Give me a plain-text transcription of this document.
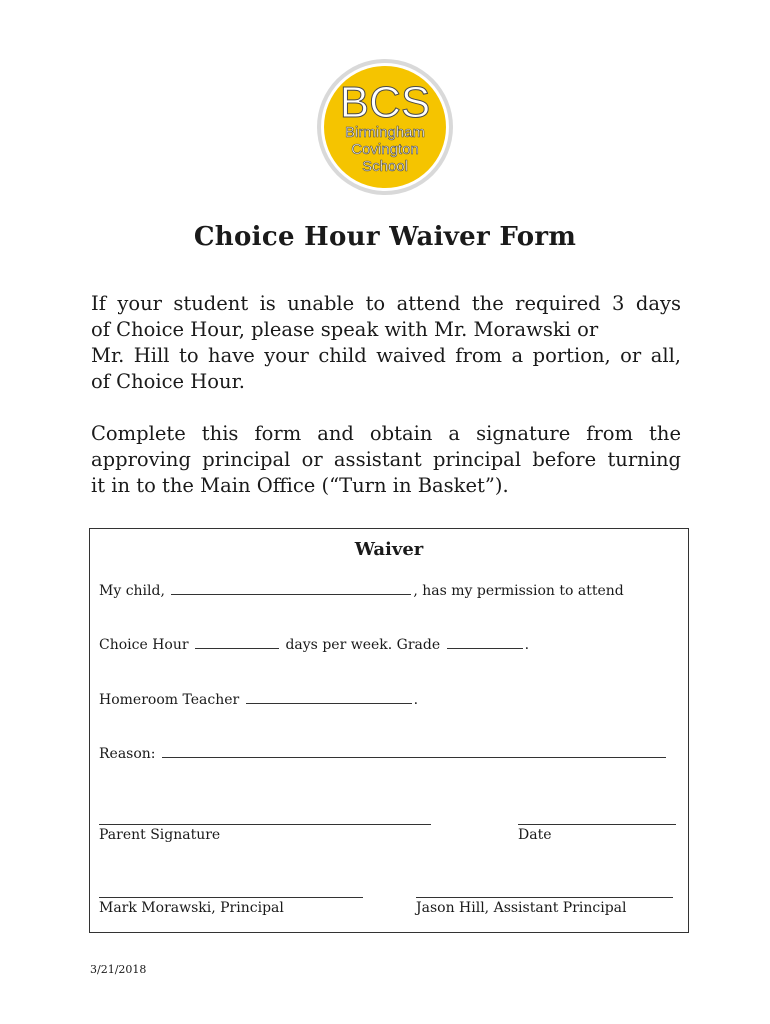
BCS
Birmingham
Covington
School
Choice Hour Waiver Form
If your student is unable to attend the required 3 days
of Choice Hour, please speak with Mr. Morawski or
Mr. Hill to have your child waived from a portion, or all,
of Choice Hour.
Complete this form and obtain a signature from the
approving principal or assistant principal before turning
it in to the Main Office (“Turn in Basket”).
Waiver
My child,	, has my permission to attend
Choice Hour	days per week. Grade	.
Homeroom Teacher	.
Reason:
Parent Signature	Date
Mark Morawski, Principal	Jason Hill, Assistant Principal
3/21/2018
